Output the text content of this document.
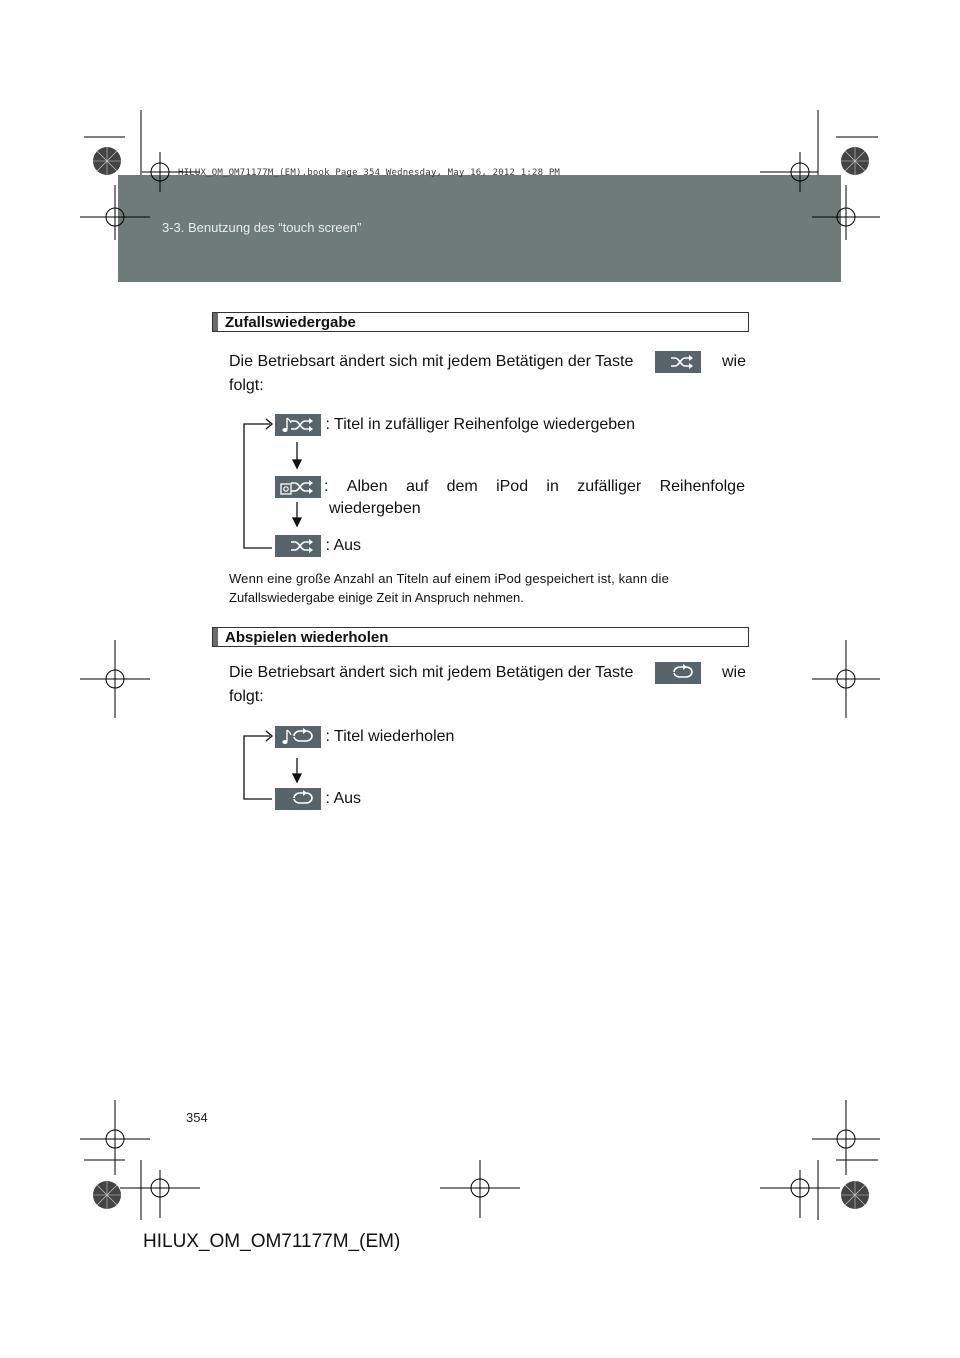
HILUX_OM_OM71177M_(EM).book Page 354 Wednesday, May 16, 2012 1:28 PM
3-3. Benutzung des “touch screen”
Zufallswiedergabe
Die Betriebsart ändert sich mit jedem Betätigen der Taste	wie
folgt:
: Titel in zufälliger Reihenfolge wiedergeben
: Alben auf dem iPod in zufälliger Reihenfolge
wiedergeben
: Aus
Wenn eine große Anzahl an Titeln auf einem iPod gespeichert ist, kann die
Zufallswiedergabe einige Zeit in Anspruch nehmen.
Abspielen wiederholen
Die Betriebsart ändert sich mit jedem Betätigen der Taste	wie
folgt:
: Titel wiederholen
: Aus
354
HILUX_OM_OM71177M_(EM)
